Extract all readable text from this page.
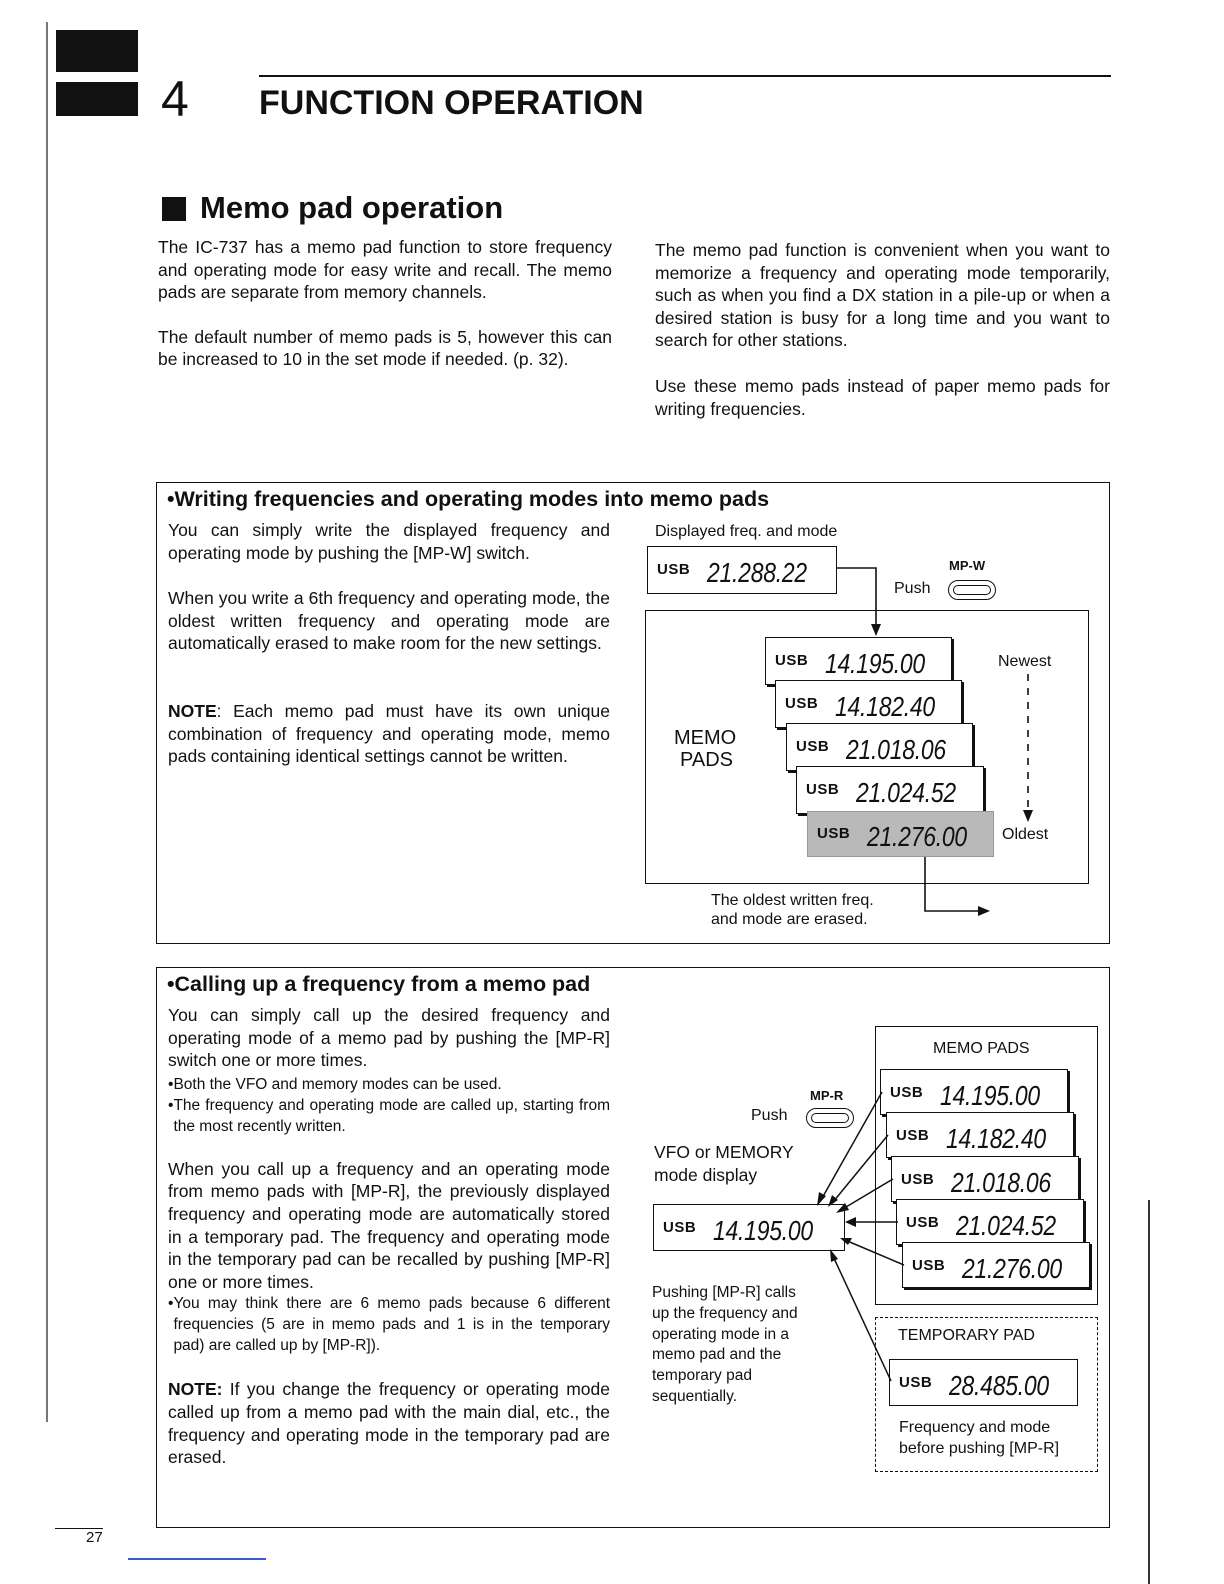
4 FUNCTION OPERATION
Memo pad operation

The IC-737 has a memo pad function to store frequency and operating mode for easy write and recall. The memo pads are separate from memory channels.

The default number of memo pads is 5, however this can be increased to 10 in the set mode if needed. (p. 32).

The memo pad function is convenient when you want to memorize a frequency and operating mode temporarily, such as when you find a DX station in a pile-up or when a desired station is busy for a long time and you want to search for other stations.

Use these memo pads instead of paper memo pads for writing frequencies.

•Writing frequencies and operating modes into memo pads

You can simply write the displayed frequency and operating mode by pushing the [MP-W] switch.

When you write a 6th frequency and operating mode, the oldest written frequency and operating mode are automatically erased to make room for the new settings.

NOTE: Each memo pad must have its own unique combination of frequency and operating mode, memo pads containing identical settings cannot be written.

Displayed freq. and mode
USB 21.288.22	MP-W
Push
MEMO
PADS
Newest
Oldest
USB 14.195.00
USB 14.182.40
USB 21.018.06
USB 21.024.52
USB 21.276.00
The oldest written freq.
and mode are erased.
•Calling up a frequency from a memo pad

You can simply call up the desired frequency and operating mode of a memo pad by pushing the [MP-R] switch one or more times.

• Both the VFO and memory modes can be used.
• The frequency and operating mode are called up, starting from the most recently written.

When you call up a frequency and an operating mode from memo pads with [MP-R], the previously displayed frequency and operating mode are automatically stored in a temporary pad. The frequency and operating mode in the temporary pad can be recalled by pushing [MP-R] one or more times.

• You may think there are 6 memo pads because 6 different frequencies (5 are in memo pads and 1 is in the temporary pad) are called up by [MP-R]).

NOTE: If you change the frequency or operating mode called up from a memo pad with the main dial, etc., the frequency and operating mode in the temporary pad are erased.

MP-R
Push
VFO or MEMORY
mode display
USB 14.195.00
Pushing [MP-R] calls
up the frequency and
operating mode in a
memo pad and the
temporary pad
sequentially.
MEMO PADS
USB 14.195.00
USB 14.182.40
USB 21.018.06
USB 21.024.52
USB 21.276.00
TEMPORARY PAD
USB 28.485.00
Frequency and mode
before pushing [MP-R]
27
